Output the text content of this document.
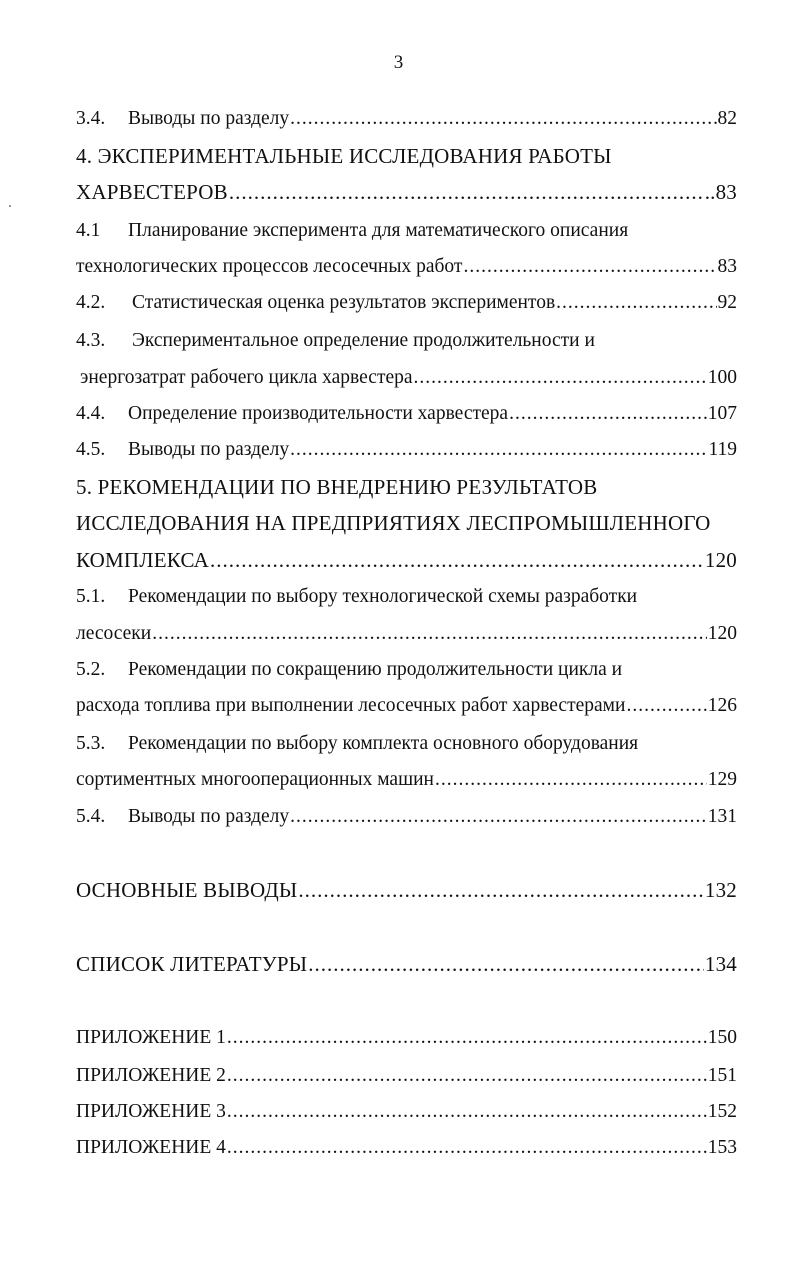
3
3.4.	Выводы по разделу .....	82
4. ЭКСПЕРИМЕНТАЛЬНЫЕ ИССЛЕДОВАНИЯ РАБОТЫ
ХАРВЕСТЕРОВ .....	..83
4.1	Планирование эксперимента для математического описания
технологических процессов лесосечных работ .....	83
4.2.	Статистическая оценка результатов экспериментов .....	92
4.3.	Экспериментальное определение продолжительности и
энергозатрат рабочего цикла харвестера .....	100
4.4.	Определение производительности харвестера .....	107
4.5.	Выводы по разделу .....	119
5. РЕКОМЕНДАЦИИ ПО ВНЕДРЕНИЮ РЕЗУЛЬТАТОВ
ИССЛЕДОВАНИЯ НА ПРЕДПРИЯТИЯХ ЛЕСПРОМЫШЛЕННОГО
КОМПЛЕКСА .....	120
5.1.	Рекомендации по выбору технологической схемы разработки
лесосеки .....	120
5.2.	Рекомендации по сокращению продолжительности цикла и
расхода топлива при выполнении лесосечных работ харвестерами .....	126
5.3.	Рекомендации по выбору комплекта основного оборудования
сортиментных многооперационных машин .....	129
5.4.	Выводы по разделу .....	131
ОСНОВНЫЕ ВЫВОДЫ .....	132
СПИСОК ЛИТЕРАТУРЫ .....	134
ПРИЛОЖЕНИЕ 1 .....	150
ПРИЛОЖЕНИЕ 2 .....	151
ПРИЛОЖЕНИЕ 3 .....	152
ПРИЛОЖЕНИЕ 4 .....	153
